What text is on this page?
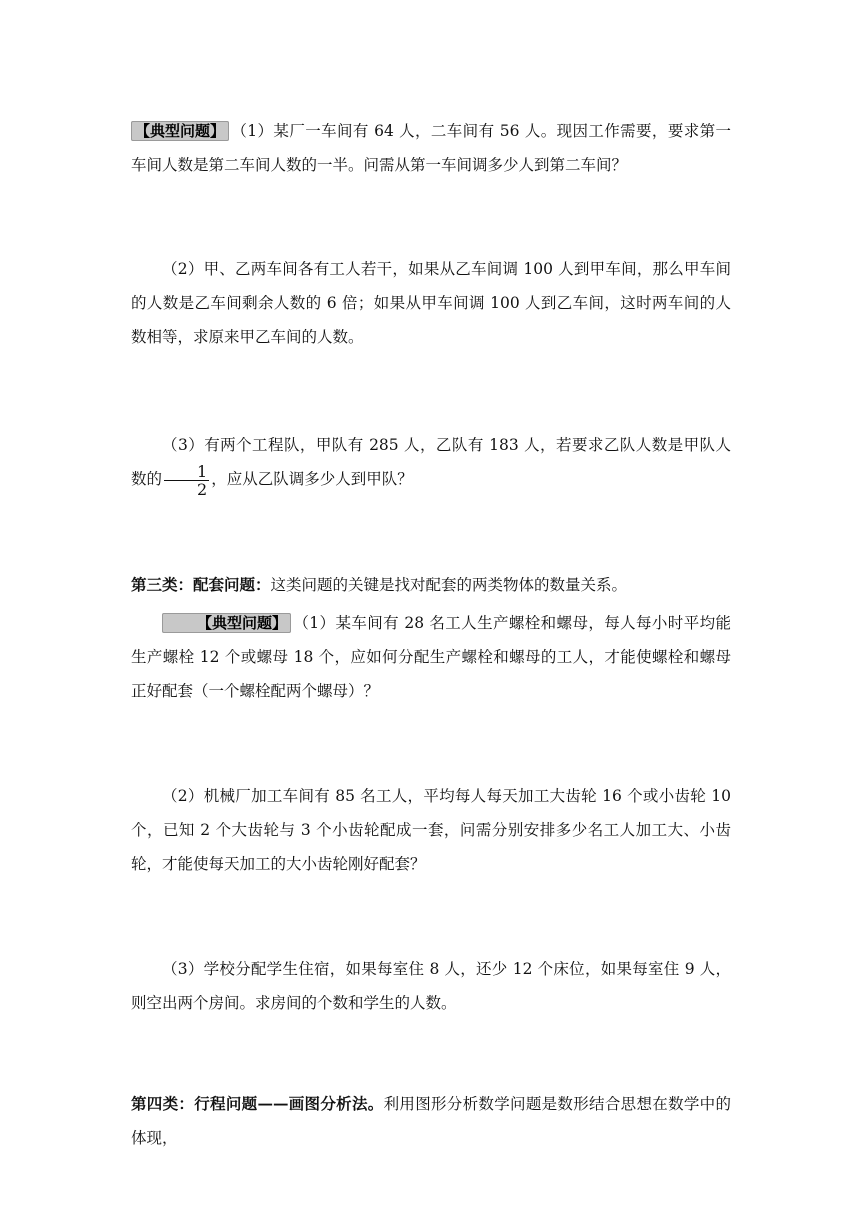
【典型问题】 （1）某厂一车间有 64 人，二车间有 56 人。现因工作需要，要求第一车间人数是第二车间人数的一半。问需从第一车间调多少人到第二车间？

（2）甲、乙两车间各有工人若干，如果从乙车间调 100 人到甲车间，那么甲车间的人数是乙车间剩余人数的 6 倍；如果从甲车间调 100 人到乙车间，这时两车间的人数相等，求原来甲乙车间的人数。

（3）有两个工程队，甲队有 285 人，乙队有 183 人，若要求乙队人数是甲队人数的 $\frac{1}{2}$ ，应从乙队调多少人到甲队？

第三类：配套问题：这类问题的关键是找对配套的两类物体的数量关系。

【典型问题】 （1）某车间有 28 名工人生产螺栓和螺母，每人每小时平均能生产螺栓 12 个或螺母 18 个，应如何分配生产螺栓和螺母的工人，才能使螺栓和螺母正好配套（一个螺栓配两个螺母）？

（2）机械厂加工车间有 85 名工人，平均每人每天加工大齿轮 16 个或小齿轮 10 个，已知 2 个大齿轮与 3 个小齿轮配成一套，问需分别安排多少名工人加工大、小齿轮，才能使每天加工的大小齿轮刚好配套？

（3）学校分配学生住宿，如果每室住 8 人，还少 12 个床位，如果每室住 9 人，则空出两个房间。求房间的个数和学生的人数。

第四类：行程问题——画图分析法。利用图形分析数学问题是数形结合思想在数学中的体现，
